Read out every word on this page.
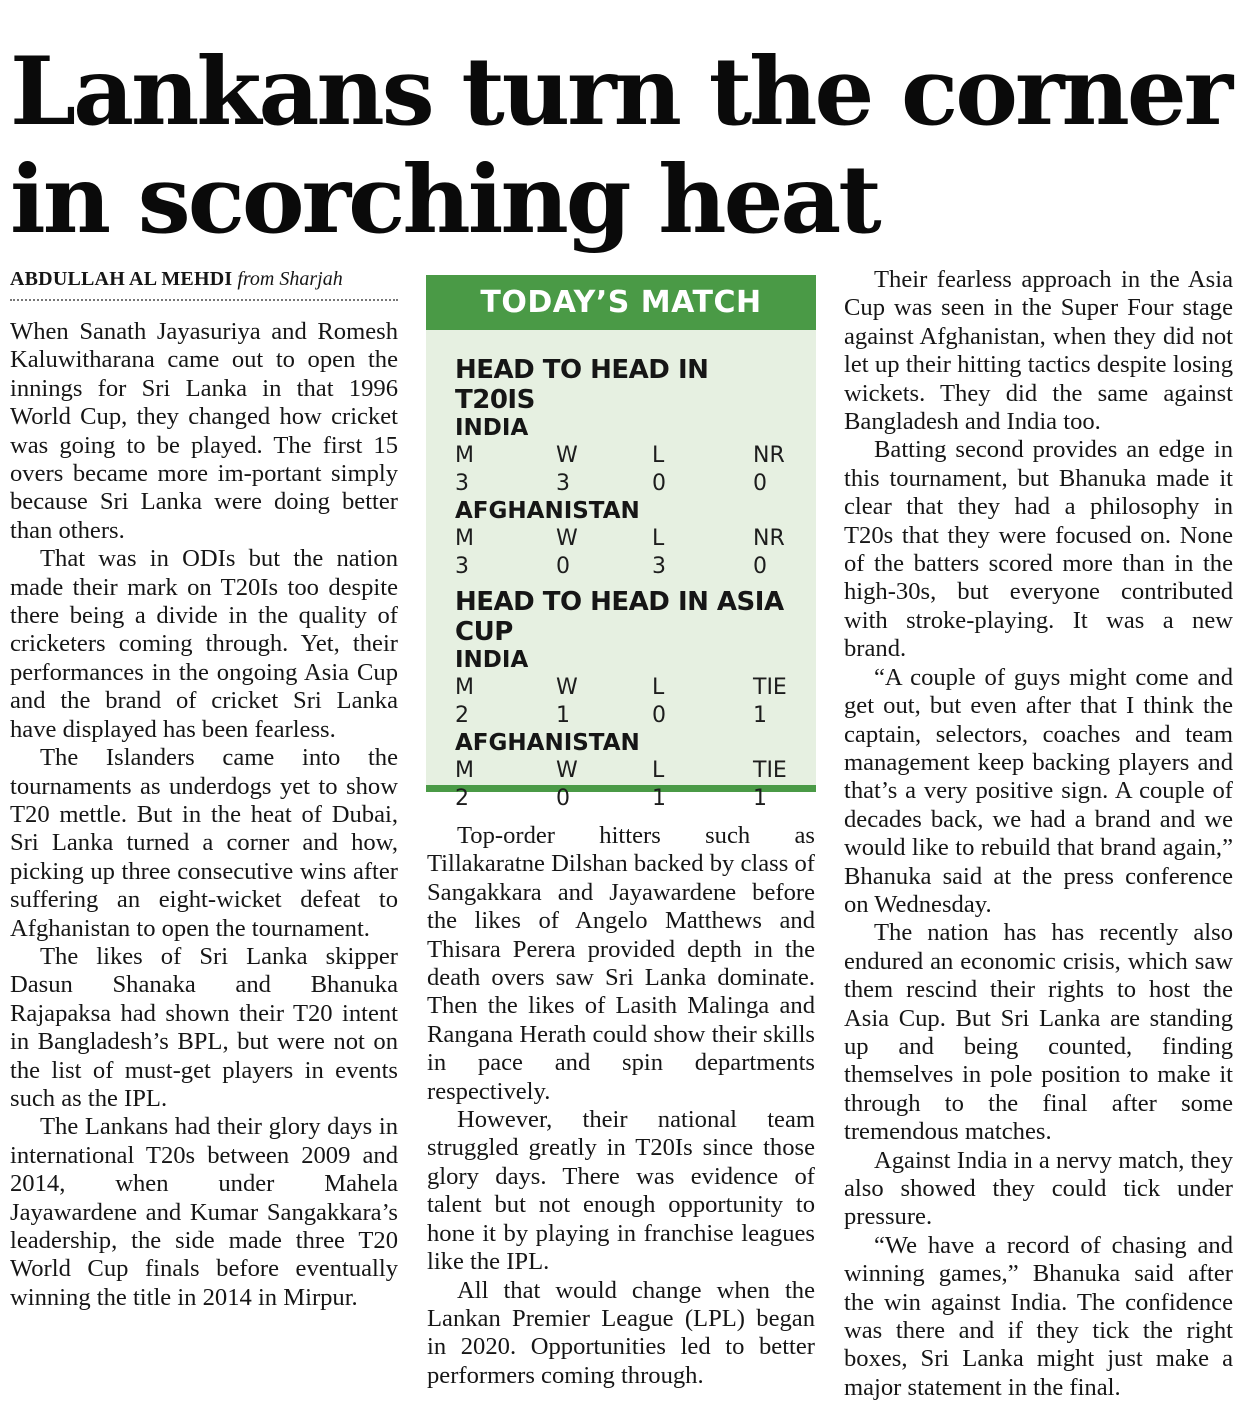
Lankans turn the corner in scorching heat
ABDULLAH AL MEHDI from Sharjah

When Sanath Jayasuriya and Romesh Kaluwitharana came out to open the innings for Sri Lanka in that 1996 World Cup, they changed how cricket was going to be played. The first 15 overs became more im-portant simply because Sri Lanka were doing better than others.

That was in ODIs but the nation made their mark on T20Is too despite there being a divide in the quality of cricketers coming through. Yet, their performances in the ongoing Asia Cup and the brand of cricket Sri Lanka have displayed has been fearless.

The Islanders came into the tournaments as underdogs yet to show T20 mettle. But in the heat of Dubai, Sri Lanka turned a corner and how, picking up three consecutive wins after suffering an eight-wicket defeat to Afghanistan to open the tournament.

The likes of Sri Lanka skipper Dasun Shanaka and Bhanuka Rajapaksa had shown their T20 intent in Bangladesh’s BPL, but were not on the list of must-get players in events such as the IPL.

The Lankans had their glory days in international T20s between 2009 and 2014, when under Mahela Jayawardene and Kumar Sangakkara’s leadership, the side made three T20 World Cup finals before eventually winning the title in 2014 in Mirpur.

TODAY’S MATCH
HEAD TO HEAD IN T20IS
INDIA
M	W	L	NR
3	3	0	0
AFGHANISTAN
M	W	L	NR
3	0	3	0
HEAD TO HEAD IN ASIA CUP
INDIA
M	W	L	TIE
2	1	0	1
AFGHANISTAN
M	W	L	TIE
2	0	1	1

Top-order hitters such as Tillakaratne Dilshan backed by class of Sangakkara and Jayawardene before the likes of Angelo Matthews and Thisara Perera provided depth in the death overs saw Sri Lanka dominate. Then the likes of Lasith Malinga and Rangana Herath could show their skills in pace and spin departments respectively.

However, their national team struggled greatly in T20Is since those glory days. There was evidence of talent but not enough opportunity to hone it by playing in franchise leagues like the IPL.

All that would change when the Lankan Premier League (LPL) began in 2020. Opportunities led to better performers coming through.

Their fearless approach in the Asia Cup was seen in the Super Four stage against Afghanistan, when they did not let up their hitting tactics despite losing wickets. They did the same against Bangladesh and India too.

Batting second provides an edge in this tournament, but Bhanuka made it clear that they had a philosophy in T20s that they were focused on. None of the batters scored more than in the high-30s, but everyone contributed with stroke-playing. It was a new brand.

“A couple of guys might come and get out, but even after that I think the captain, selectors, coaches and team management keep backing players and that’s a very positive sign. A couple of decades back, we had a brand and we would like to rebuild that brand again,” Bhanuka said at the press conference on Wednesday.

The nation has has recently also endured an economic crisis, which saw them rescind their rights to host the Asia Cup. But Sri Lanka are standing up and being counted, finding themselves in pole position to make it through to the final after some tremendous matches.

Against India in a nervy match, they also showed they could tick under pressure.

“We have a record of chasing and winning games,” Bhanuka said after the win against India. The confidence was there and if they tick the right boxes, Sri Lanka might just make a major statement in the final.
